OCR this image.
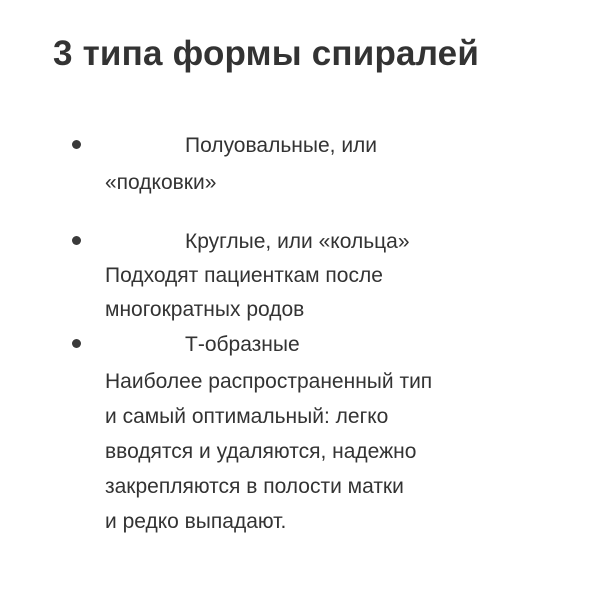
3 типа формы спиралей
Полуовальные, или
«подковки»
Круглые, или «кольца»
Подходят пациенткам после
многократных родов
Т-образные
Наиболее распространенный тип
и самый оптимальный: легко
вводятся и удаляются, надежно
закрепляются в полости матки
и редко выпадают.
